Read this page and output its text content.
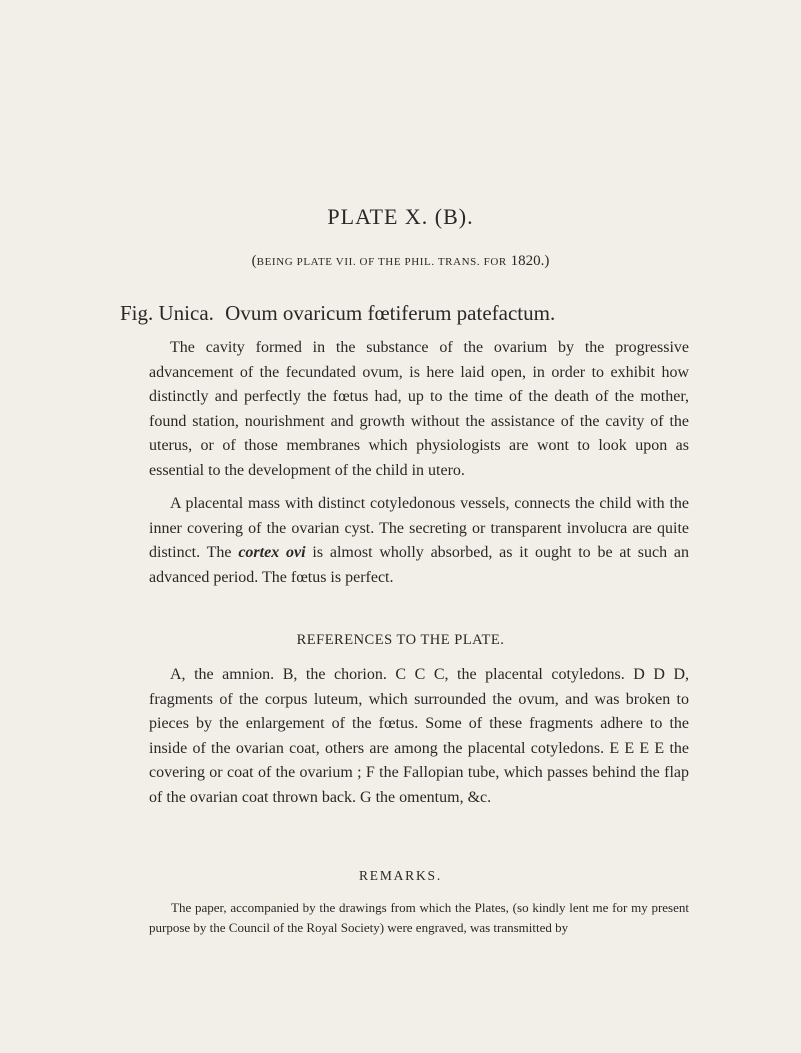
PLATE X. (B).

(BEING PLATE VII. OF THE PHIL. TRANS. FOR 1820.)

Fig. Unica. Ovum ovaricum fœtiferum patefactum.

The cavity formed in the substance of the ovarium by the progressive advancement of the fecundated ovum, is here laid open, in order to exhibit how distinctly and perfectly the fœtus had, up to the time of the death of the mother, found station, nourishment and growth without the assistance of the cavity of the uterus, or of those membranes which physiologists are wont to look upon as essential to the development of the child in utero.

A placental mass with distinct cotyledonous vessels, connects the child with the inner covering of the ovarian cyst. The secreting or transparent involucra are quite distinct. The cortex ovi is almost wholly absorbed, as it ought to be at such an advanced period. The fœtus is perfect.

REFERENCES TO THE PLATE.

A, the amnion. B, the chorion. C C C, the placental cotyledons. D D D, fragments of the corpus luteum, which surrounded the ovum, and was broken to pieces by the enlargement of the fœtus. Some of these fragments adhere to the inside of the ovarian coat, others are among the placental cotyledons. E E E E the covering or coat of the ovarium ; F the Fallopian tube, which passes behind the flap of the ovarian coat thrown back. G the omentum, &c.

REMARKS.

The paper, accompanied by the drawings from which the Plates, (so kindly lent me for my present purpose by the Council of the Royal Society) were engraved, was transmitted by
